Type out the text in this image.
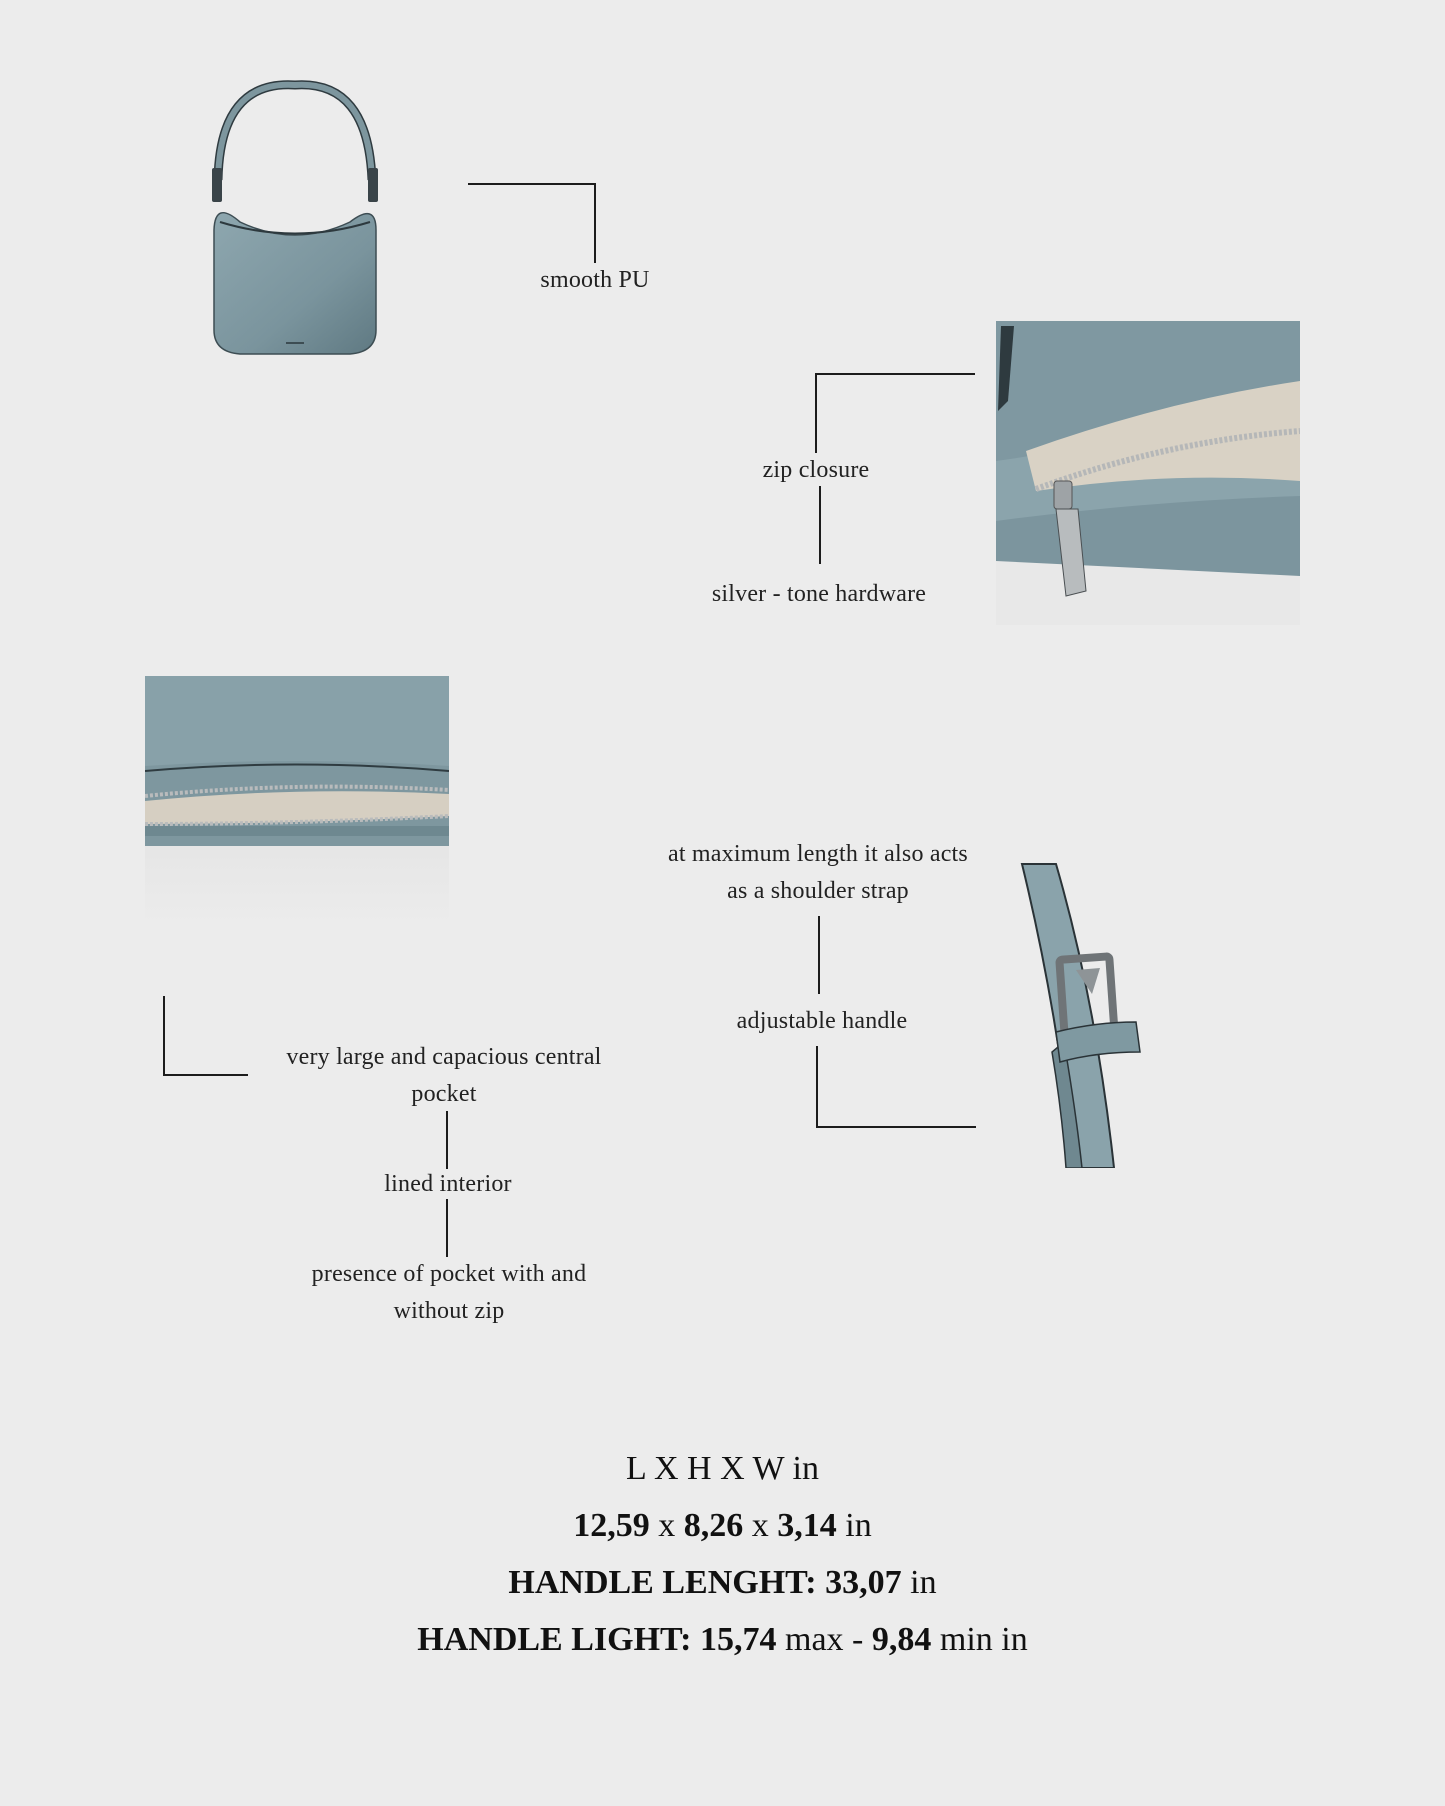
smooth PU
zip closure
silver - tone hardware
very large and capacious central
pocket
lined interior
presence of pocket with and
without zip
at maximum length it also acts
as a shoulder strap
adjustable handle
L X H X W in
12,59 x 8,26 x 3,14 in
HANDLE LENGHT: 33,07 in
HANDLE LIGHT: 15,74 max - 9,84 min in
